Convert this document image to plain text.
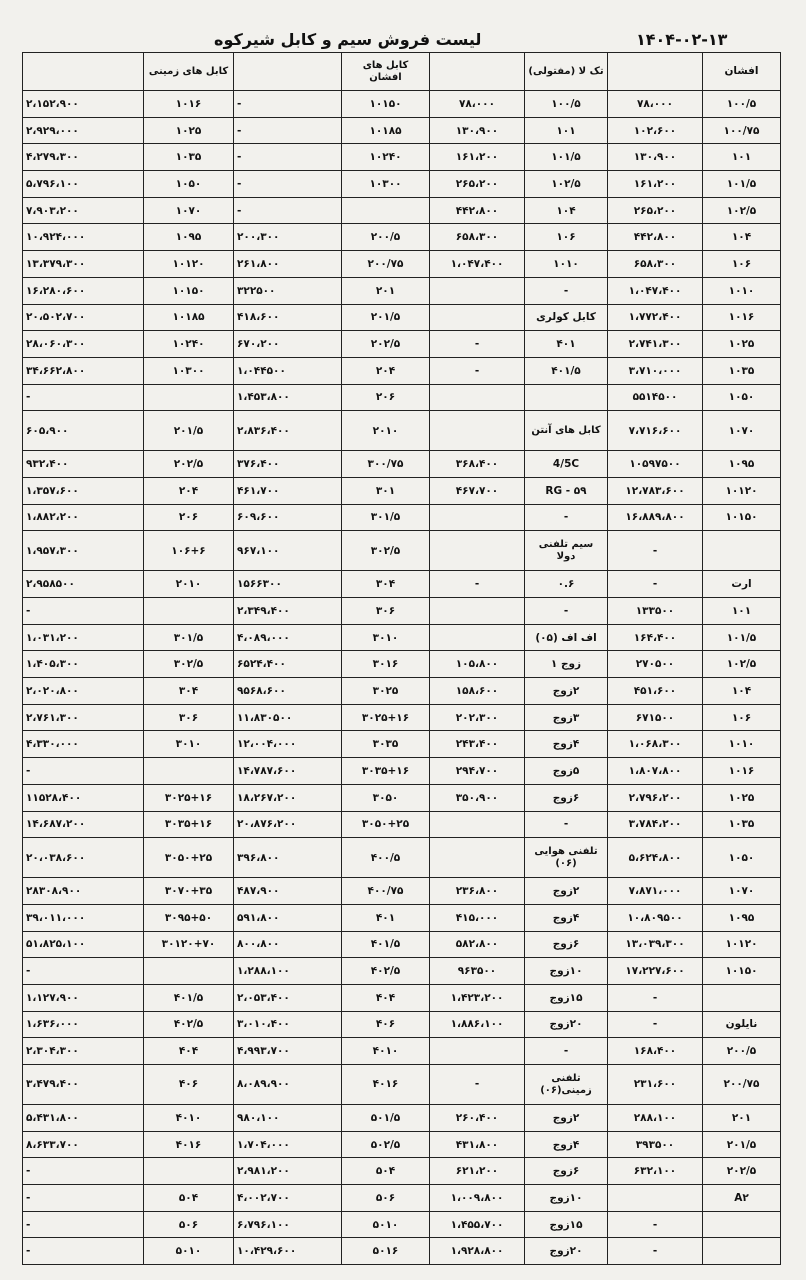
لیست فروش سیم و کابل شیرکوه	۱۴۰۴-۰۲-۱۳
افشان		تک لا (مفتولی)		کابل های افشان		کابل های زمینی	
۱۰۰/۵	۷۸،۰۰۰	۱۰۰/۵	۷۸،۰۰۰	۱۰۱۵۰	-	۱۰۱۶	۲،۱۵۲،۹۰۰
۱۰۰/۷۵	۱۰۲،۶۰۰	۱۰۱	۱۳۰،۹۰۰	۱۰۱۸۵	-	۱۰۲۵	۲،۹۲۹،۰۰۰
۱۰۱	۱۳۰،۹۰۰	۱۰۱/۵	۱۶۱،۲۰۰	۱۰۲۴۰	-	۱۰۳۵	۴،۲۷۹،۳۰۰
۱۰۱/۵	۱۶۱،۲۰۰	۱۰۲/۵	۲۶۵،۲۰۰	۱۰۳۰۰	-	۱۰۵۰	۵،۷۹۶،۱۰۰
۱۰۲/۵	۲۶۵،۲۰۰	۱۰۴	۴۴۲،۸۰۰		-	۱۰۷۰	۷،۹۰۳،۲۰۰
۱۰۴	۴۴۲،۸۰۰	۱۰۶	۶۵۸،۳۰۰	۲۰۰/۵	۲۰۰،۳۰۰	۱۰۹۵	۱۰،۹۲۴،۰۰۰
۱۰۶	۶۵۸،۳۰۰	۱۰۱۰	۱،۰۴۷،۴۰۰	۲۰۰/۷۵	۲۶۱،۸۰۰	۱۰۱۲۰	۱۳،۳۷۹،۳۰۰
۱۰۱۰	۱،۰۴۷،۴۰۰	-		۲۰۱	۳۲۲۵۰۰	۱۰۱۵۰	۱۶،۲۸۰،۶۰۰
۱۰۱۶	۱،۷۷۲،۴۰۰	کابل کولری		۲۰۱/۵	۴۱۸،۶۰۰	۱۰۱۸۵	۲۰،۵۰۲،۷۰۰
۱۰۲۵	۲،۷۴۱،۳۰۰	۴۰۱	-	۲۰۲/۵	۶۷۰،۲۰۰	۱۰۲۴۰	۲۸،۰۶۰،۳۰۰
۱۰۳۵	۳،۷۱۰،۰۰۰	۴۰۱/۵	-	۲۰۴	۱،۰۴۴۵۰۰	۱۰۳۰۰	۳۴،۶۶۲،۸۰۰
۱۰۵۰	۵۵۱۴۵۰۰			۲۰۶	۱،۴۵۳،۸۰۰		-
۱۰۷۰	۷،۷۱۶،۶۰۰	کابل های آنتن		۲۰۱۰	۲،۸۳۶،۴۰۰	۲۰۱/۵	۶۰۵،۹۰۰
۱۰۹۵	۱۰۵۹۷۵۰۰	4/5C	۳۶۸،۴۰۰	۳۰۰/۷۵	۳۷۶،۴۰۰	۲۰۲/۵	۹۳۲،۴۰۰
۱۰۱۲۰	۱۲،۷۸۳،۶۰۰	RG - ۵۹	۴۶۷،۷۰۰	۳۰۱	۴۶۱،۷۰۰	۲۰۴	۱،۳۵۷،۶۰۰
۱۰۱۵۰	۱۶،۸۸۹،۸۰۰	-		۳۰۱/۵	۶۰۹،۶۰۰	۲۰۶	۱،۸۸۲،۲۰۰
	-	سیم تلفنی دولا		۳۰۲/۵	۹۶۷،۱۰۰	۱۰۶+۶	۱،۹۵۷،۳۰۰
ارت	-	۰.۶	-	۳۰۴	۱۵۶۶۳۰۰	۲۰۱۰	۲،۹۵۸۵۰۰
۱۰۱	۱۳۳۵۰۰	-		۳۰۶	۲،۳۴۹،۴۰۰		-
۱۰۱/۵	۱۶۴،۴۰۰	اف اف (۰۵)		۳۰۱۰	۴،۰۸۹،۰۰۰	۳۰۱/۵	۱،۰۳۱،۲۰۰
۱۰۲/۵	۲۷۰۵۰۰	زوج ۱	۱۰۵،۸۰۰	۳۰۱۶	۶۵۲۴،۴۰۰	۳۰۲/۵	۱،۴۰۵،۳۰۰
۱۰۴	۴۵۱،۶۰۰	۲زوج	۱۵۸،۶۰۰	۳۰۲۵	۹۵۶۸،۶۰۰	۳۰۴	۲،۰۲۰،۸۰۰
۱۰۶	۶۷۱۵۰۰	۳زوج	۲۰۲،۳۰۰	۳۰۲۵+۱۶	۱۱،۸۳۰۵۰۰	۳۰۶	۲،۷۶۱،۳۰۰
۱۰۱۰	۱،۰۶۸،۳۰۰	۴زوج	۲۴۳،۴۰۰	۳۰۳۵	۱۲،۰۰۴،۰۰۰	۳۰۱۰	۴،۳۳۰،۰۰۰
۱۰۱۶	۱،۸۰۷،۸۰۰	۵زوج	۲۹۴،۷۰۰	۳۰۳۵+۱۶	۱۴،۷۸۷،۶۰۰		-
۱۰۲۵	۲،۷۹۶،۲۰۰	۶زوج	۳۵۰،۹۰۰	۳۰۵۰	۱۸،۲۶۷،۲۰۰	۳۰۲۵+۱۶	۱۱۵۲۸،۴۰۰
۱۰۳۵	۳،۷۸۴،۲۰۰	-		۳۰۵۰+۲۵	۲۰،۸۷۶،۲۰۰	۳۰۳۵+۱۶	۱۴،۶۸۷،۲۰۰
۱۰۵۰	۵،۶۲۴،۸۰۰	تلفنی هوایی (۰۶)		۴۰۰/۵	۳۹۶،۸۰۰	۳۰۵۰+۲۵	۲۰،۰۳۸،۶۰۰
۱۰۷۰	۷،۸۷۱،۰۰۰	۲زوج	۲۳۶،۸۰۰	۴۰۰/۷۵	۴۸۷،۹۰۰	۳۰۷۰+۳۵	۲۸۳۰۸،۹۰۰
۱۰۹۵	۱۰،۸۰۹۵۰۰	۴زوج	۴۱۵،۰۰۰	۴۰۱	۵۹۱،۸۰۰	۳۰۹۵+۵۰	۳۹،۰۱۱،۰۰۰
۱۰۱۲۰	۱۳،۰۳۹،۳۰۰	۶زوج	۵۸۲،۸۰۰	۴۰۱/۵	۸۰۰،۸۰۰	۳۰۱۲۰+۷۰	۵۱،۸۲۵،۱۰۰
۱۰۱۵۰	۱۷،۲۲۷،۶۰۰	۱۰زوج	۹۶۳۵۰۰	۴۰۲/۵	۱،۲۸۸،۱۰۰		-
	-	۱۵زوج	۱،۴۲۳،۲۰۰	۴۰۴	۲،۰۵۳،۴۰۰	۴۰۱/۵	۱،۱۲۷،۹۰۰
نایلون	-	۲۰زوج	۱،۸۸۶،۱۰۰	۴۰۶	۳،۰۱۰،۴۰۰	۴۰۲/۵	۱،۶۳۶،۰۰۰
۲۰۰/۵	۱۶۸،۴۰۰	-		۴۰۱۰	۴،۹۹۳،۷۰۰	۴۰۴	۲،۳۰۴،۳۰۰
۲۰۰/۷۵	۲۳۱،۶۰۰	تلفنی زمینی(۰۶)	-	۴۰۱۶	۸،۰۸۹،۹۰۰	۴۰۶	۳،۴۷۹،۴۰۰
۲۰۱	۲۸۸،۱۰۰	۲زوج	۲۶۰،۴۰۰	۵۰۱/۵	۹۸۰،۱۰۰	۴۰۱۰	۵،۴۳۱،۸۰۰
۲۰۱/۵	۳۹۳۵۰۰	۴زوج	۴۳۱،۸۰۰	۵۰۲/۵	۱،۷۰۴،۰۰۰	۴۰۱۶	۸،۶۳۳،۷۰۰
۲۰۲/۵	۶۳۲،۱۰۰	۶زوج	۶۲۱،۲۰۰	۵۰۴	۲،۹۸۱،۲۰۰		-
A۲		۱۰زوج	۱،۰۰۹،۸۰۰	۵۰۶	۴،۰۰۲،۷۰۰	۵۰۴	-
	-	۱۵زوج	۱،۴۵۵،۷۰۰	۵۰۱۰	۶،۷۹۶،۱۰۰	۵۰۶	-
	-	۲۰زوج	۱،۹۲۸،۸۰۰	۵۰۱۶	۱۰،۴۲۹،۶۰۰	۵۰۱۰	-
